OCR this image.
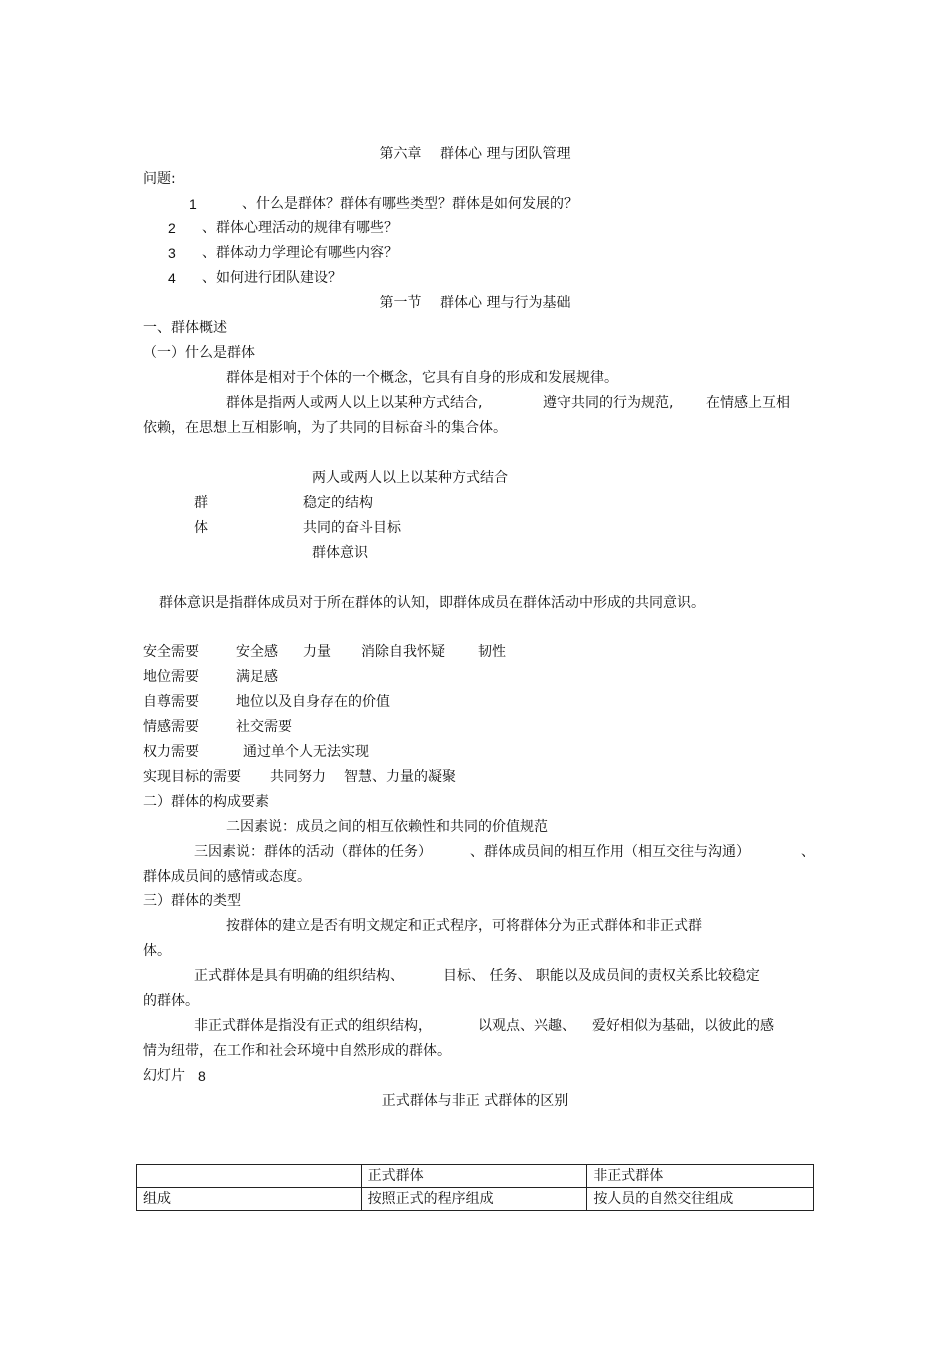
第六章　 群体心 理与团队管理
问题:
1	、什么是群体？群体有哪些类型？群体是如何发展的？
2 、群体心理活动的规律有哪些？
3 、群体动力学理论有哪些内容？
4 、如何进行团队建设？
第一节　 群体心 理与行为基础
一、群体概述
（一）什么是群体
群体是相对于个体的一个概念，它具有自身的形成和发展规律。
群体是指两人或两人以上以某种方式结合,	遵守共同的行为规范, 在情感上互相
依赖，在思想上互相影响，为了共同的目标奋斗的集合体。
两人或两人以上以某种方式结合
群	稳定的结构
体	共同的奋斗目标
群体意识
群体意识是指群体成员对于所在群体的认知，即群体成员在群体活动中形成的共同意识。
安全需要	安全感 力量 消除自我怀疑 韧性
地位需要	满足感
自尊需要	地位以及自身存在的价值
情感需要	社交需要
权力需要	通过单个人无法实现
实现目标的需要 共同努力 智慧、力量的凝聚
二）群体的构成要素
二因素说：成员之间的相互依赖性和共同的价值规范
三因素说：群体的活动（群体的任务）	、群体成员间的相互作用（相互交往与沟通）	、
群体成员间的感情或态度。
三）群体的类型
按群体的建立是否有明文规定和正式程序，可将群体分为正式群体和非正式群
体。
正式群体是具有明确的组织结构、	目标、 任务、 职能以及成员间的责权关系比较稳定
的群体。
非正式群体是指没有正式的组织结构，	以观点、兴趣、 爱好相似为基础，以彼此的感
情为纽带，在工作和社会环境中自然形成的群体。
幻灯片 8
正式群体与非正 式群体的区别
	正式群体	非正式群体
组成	按照正式的程序组成	按人员的自然交往组成
